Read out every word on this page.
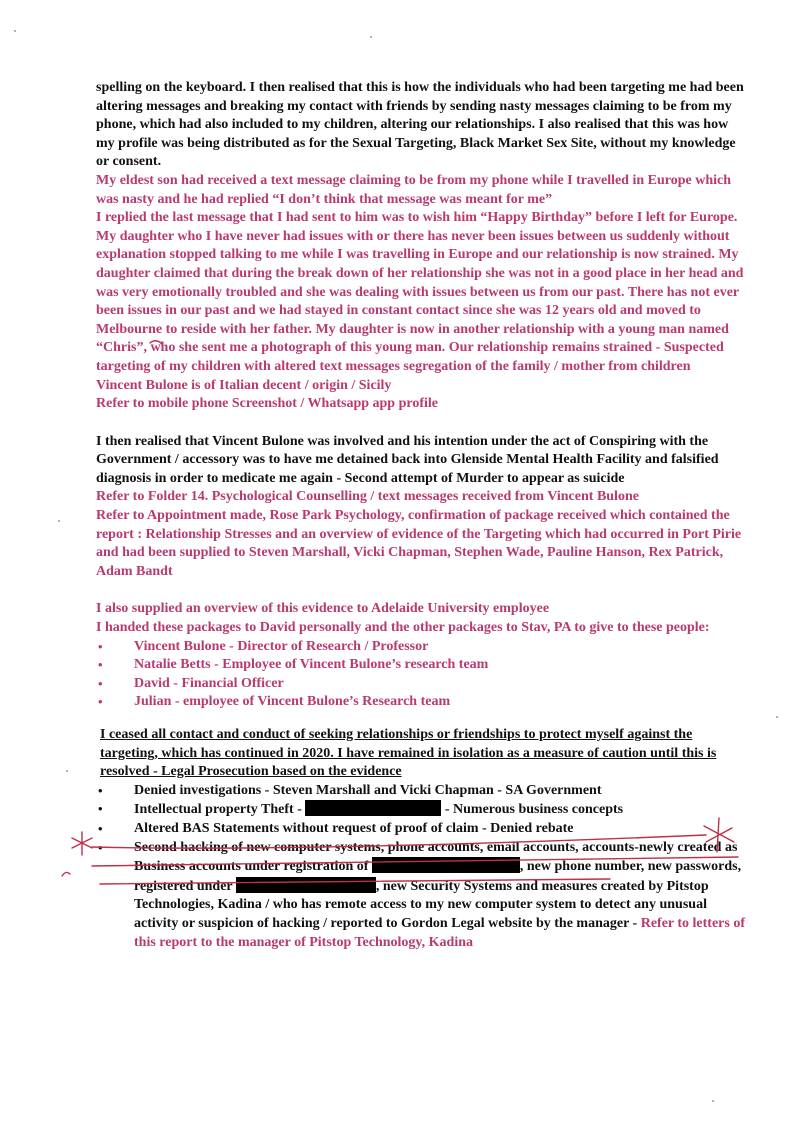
spelling on the keyboard. I then realised that this is how the individuals who had been targeting me had been altering messages and breaking my contact with friends by sending nasty messages claiming to be from my phone, which had also included to my children, altering our relationships. I also realised that this was how my profile was being distributed as for the Sexual Targeting, Black Market Sex Site, without my knowledge or consent.

My eldest son had received a text message claiming to be from my phone while I travelled in Europe which was nasty and he had replied “I don’t think that message was meant for me”

I replied the last message that I had sent to him was to wish him “Happy Birthday” before I left for Europe.

My daughter who I have never had issues with or there has never been issues between us suddenly without explanation stopped talking to me while I was travelling in Europe and our relationship is now strained. My daughter claimed that during the break down of her relationship she was not in a good place in her head and was very emotionally troubled and she was dealing with issues between us from our past. There has not ever been issues in our past and we had stayed in constant contact since she was 12 years old and moved to Melbourne to reside with her father. My daughter is now in another relationship with a young man named “Chris”, who she sent me a photograph of this young man. Our relationship remains strained - Suspected targeting of my children with altered text messages segregation of the family / mother from children

Vincent Bulone is of Italian decent / origin / Sicily

Refer to mobile phone Screenshot / Whatsapp app profile

I then realised that Vincent Bulone was involved and his intention under the act of Conspiring with the Government / accessory was to have me detained back into Glenside Mental Health Facility and falsified diagnosis in order to medicate me again - Second attempt of Murder to appear as suicide

Refer to Folder 14. Psychological Counselling / text messages received from Vincent Bulone

Refer to Appointment made, Rose Park Psychology, confirmation of package received which contained the report : Relationship Stresses and an overview of evidence of the Targeting which had occurred in Port Pirie and had been supplied to Steven Marshall, Vicki Chapman, Stephen Wade, Pauline Hanson, Rex Patrick, Adam Bandt

I also supplied an overview of this evidence to Adelaide University employee

I handed these packages to David personally and the other packages to Stav, PA to give to these people:

• Vincent Bulone - Director of Research / Professor
• Natalie Betts - Employee of Vincent Bulone’s research team
• David - Financial Officer
• Julian - employee of Vincent Bulone’s Research team

I ceased all contact and conduct of seeking relationships or friendships to protect myself against the targeting, which has continued in 2020. I have remained in isolation as a measure of caution until this is resolved - Legal Prosecution based on the evidence

• Denied investigations - Steven Marshall and Vicki Chapman - SA Government
• Intellectual property Theft -	- Numerous business concepts
• Altered BAS Statements without request of proof of claim - Denied rebate
• Second hacking of new computer systems, phone accounts, email accounts, accounts-newly created as Business accounts under registration of	, new phone number, new passwords, registered under	, new Security Systems and measures created by Pitstop Technologies, Kadina / who has remote access to my new computer system to detect any unusual activity or suspicion of hacking / reported to Gordon Legal website by the manager - Refer to letters of this report to the manager of Pitstop Technology, Kadina
